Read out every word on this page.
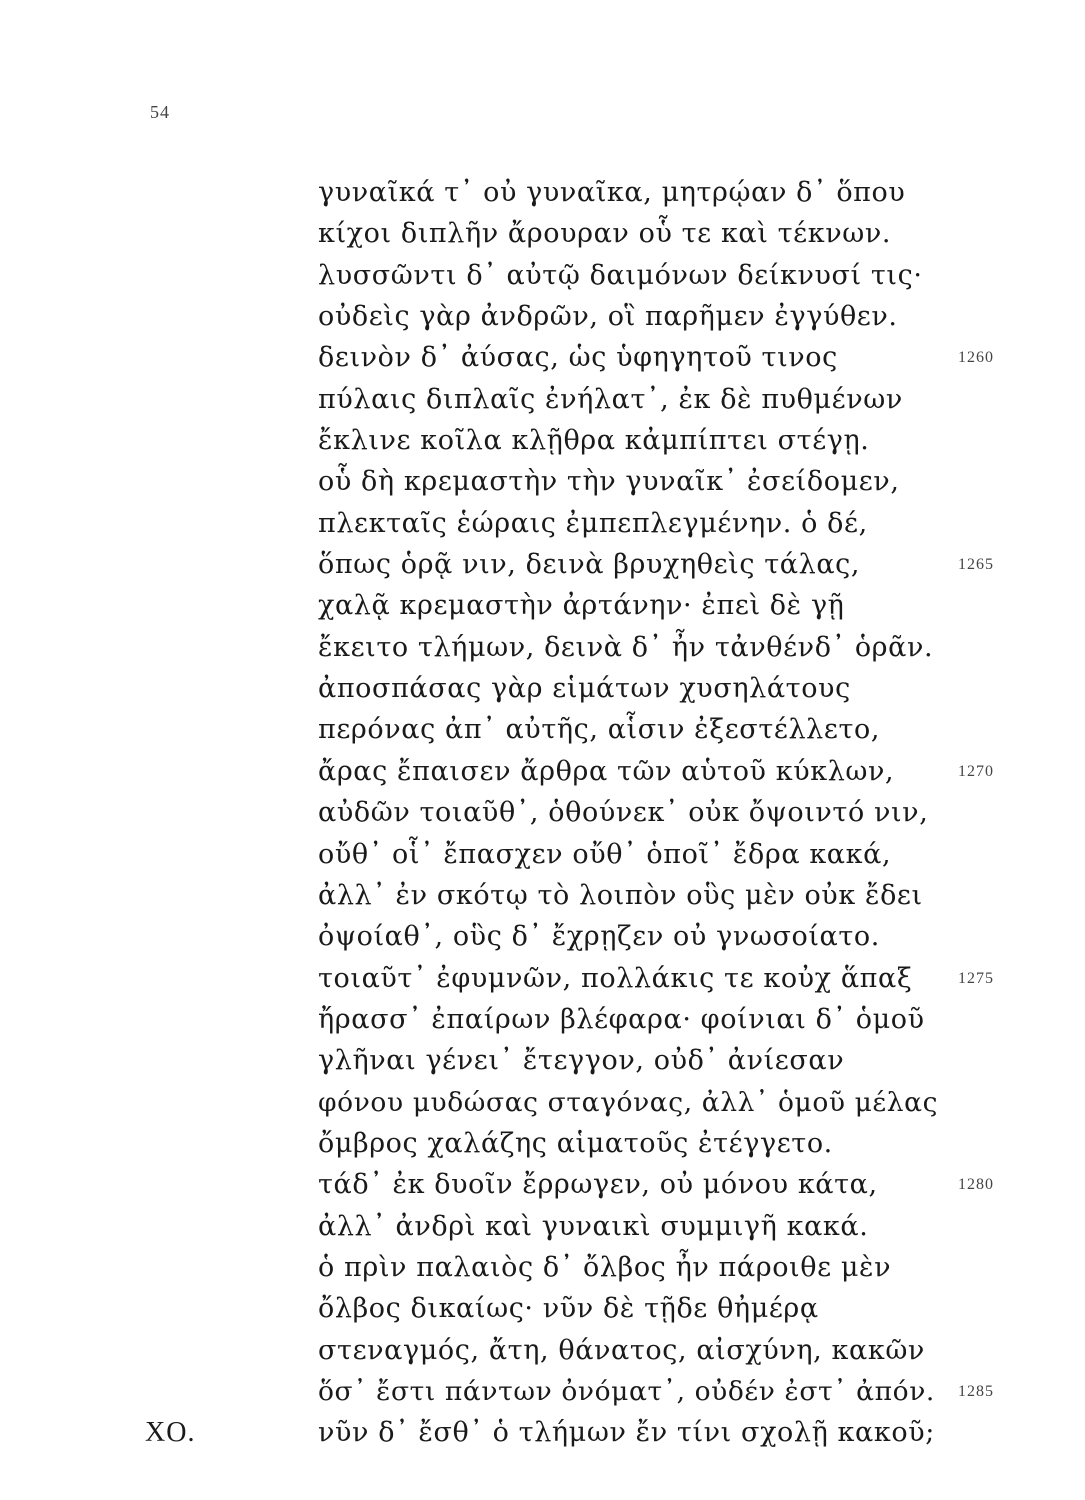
54
γυναῖκά τ᾽ οὐ γυναῖκα, μητρῴαν δ᾽ ὅπου
κίχοι διπλῆν ἄρουραν οὗ τε καὶ τέκνων.
λυσσῶντι δ᾽ αὐτῷ δαιμόνων δείκνυσί τις·
οὐδεὶς γὰρ ἀνδρῶν, οἳ παρῆμεν ἐγγύθεν.
δεινὸν δ᾽ ἀύσας, ὡς ὑφηγητοῦ τινος	1260
πύλαις διπλαῖς ἐνήλατ᾽, ἐκ δὲ πυθμένων
ἔκλινε κοῖλα κλῇθρα κἀμπίπτει στέγῃ.
οὗ δὴ κρεμαστὴν τὴν γυναῖκ᾽ ἐσείδομεν,
πλεκταῖς ἑώραις ἐμπεπλεγμένην. ὁ δέ,
ὅπως ὁρᾷ νιν, δεινὰ βρυχηθεὶς τάλας,	1265
χαλᾷ κρεμαστὴν ἀρτάνην· ἐπεὶ δὲ γῇ
ἔκειτο τλήμων, δεινὰ δ᾽ ἦν τἀνθένδ᾽ ὁρᾶν.
ἀποσπάσας γὰρ εἱμάτων χυσηλάτους
περόνας ἀπ᾽ αὐτῆς, αἷσιν ἐξεστέλλετο,
ἄρας ἔπαισεν ἄρθρα τῶν αὑτοῦ κύκλων,	1270
αὐδῶν τοιαῦθ᾽, ὁθούνεκ᾽ οὐκ ὄψοιντό νιν,
οὔθ᾽ οἷ᾽ ἔπασχεν οὔθ᾽ ὁποῖ᾽ ἔδρα κακά,
ἀλλ᾽ ἐν σκότῳ τὸ λοιπὸν οὓς μὲν οὐκ ἔδει
ὀψοίαθ᾽, οὓς δ᾽ ἔχρῃζεν οὐ γνωσοίατο.
τοιαῦτ᾽ ἐφυμνῶν, πολλάκις τε κοὐχ ἅπαξ	1275
ἤρασσ᾽ ἐπαίρων βλέφαρα· φοίνιαι δ᾽ ὁμοῦ
γλῆναι γένει᾽ ἔτεγγον, οὐδ᾽ ἀνίεσαν
φόνου μυδώσας σταγόνας, ἀλλ᾽ ὁμοῦ μέλας
ὄμβρος χαλάζης αἱματοῦς ἐτέγγετο.
τάδ᾽ ἐκ δυοῖν ἔρρωγεν, οὐ μόνου κάτα,	1280
ἀλλ᾽ ἀνδρὶ καὶ γυναικὶ συμμιγῆ κακά.
ὁ πρὶν παλαιὸς δ᾽ ὄλβος ἦν πάροιθε μὲν
ὄλβος δικαίως· νῦν δὲ τῇδε θἠμέρᾳ
στεναγμός, ἄτη, θάνατος, αἰσχύνη, κακῶν
ὅσ᾽ ἔστι πάντων ὀνόματ᾽, οὐδέν ἐστ᾽ ἀπόν. 1285
ΧΟ.	νῦν δ᾽ ἔσθ᾽ ὁ τλήμων ἔν τίνι σχολῇ κακοῦ;
